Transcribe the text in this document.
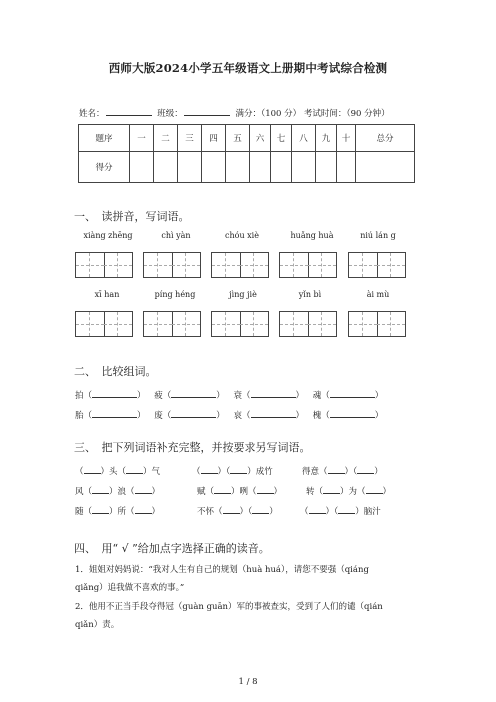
西师大版2024小学五年级语文上册期中考试综合检测
姓名：	班级：	满分：（100 分） 考试时间：（90 分钟）
题序	一	二	三	四	五	六	七	八	九	十	总分
得分											
一、　读拼音，写词语。
xiàng zhēng	chì yàn	chóu xiè	huǎng huà	niú lán g
xī han	píng héng	jìng jiè	yǐn bì	ài mù
二、　比较组词。
拍（	） 疲（	） 衰（	） 魂（	）
胎（	） 废（	） 哀（	） 槐（	）
三、　把下列词语补充完整，并按要求另写词语。
（ ）头（ ）气	（ ）（ ）成竹	得意（ ）（ ）
风（ ）浪（ ）	赋（ ）咧（ ）	转（ ）为（ ）
随（ ）所（ ）	不怀（ ）（ ）	（ ）（ ）脑汁
四、　用“ √ ”给加点字选择正确的读音。
1．姐姐对妈妈说：“我对人生有自己的规划（huà huá），请您不要强（qiáng
qiǎng）追我做不喜欢的事。”
2．他用不正当手段夺得冠（guàn guān）军的事被查实，受到了人们的谴（qián
qiǎn）责。
1 / 8
